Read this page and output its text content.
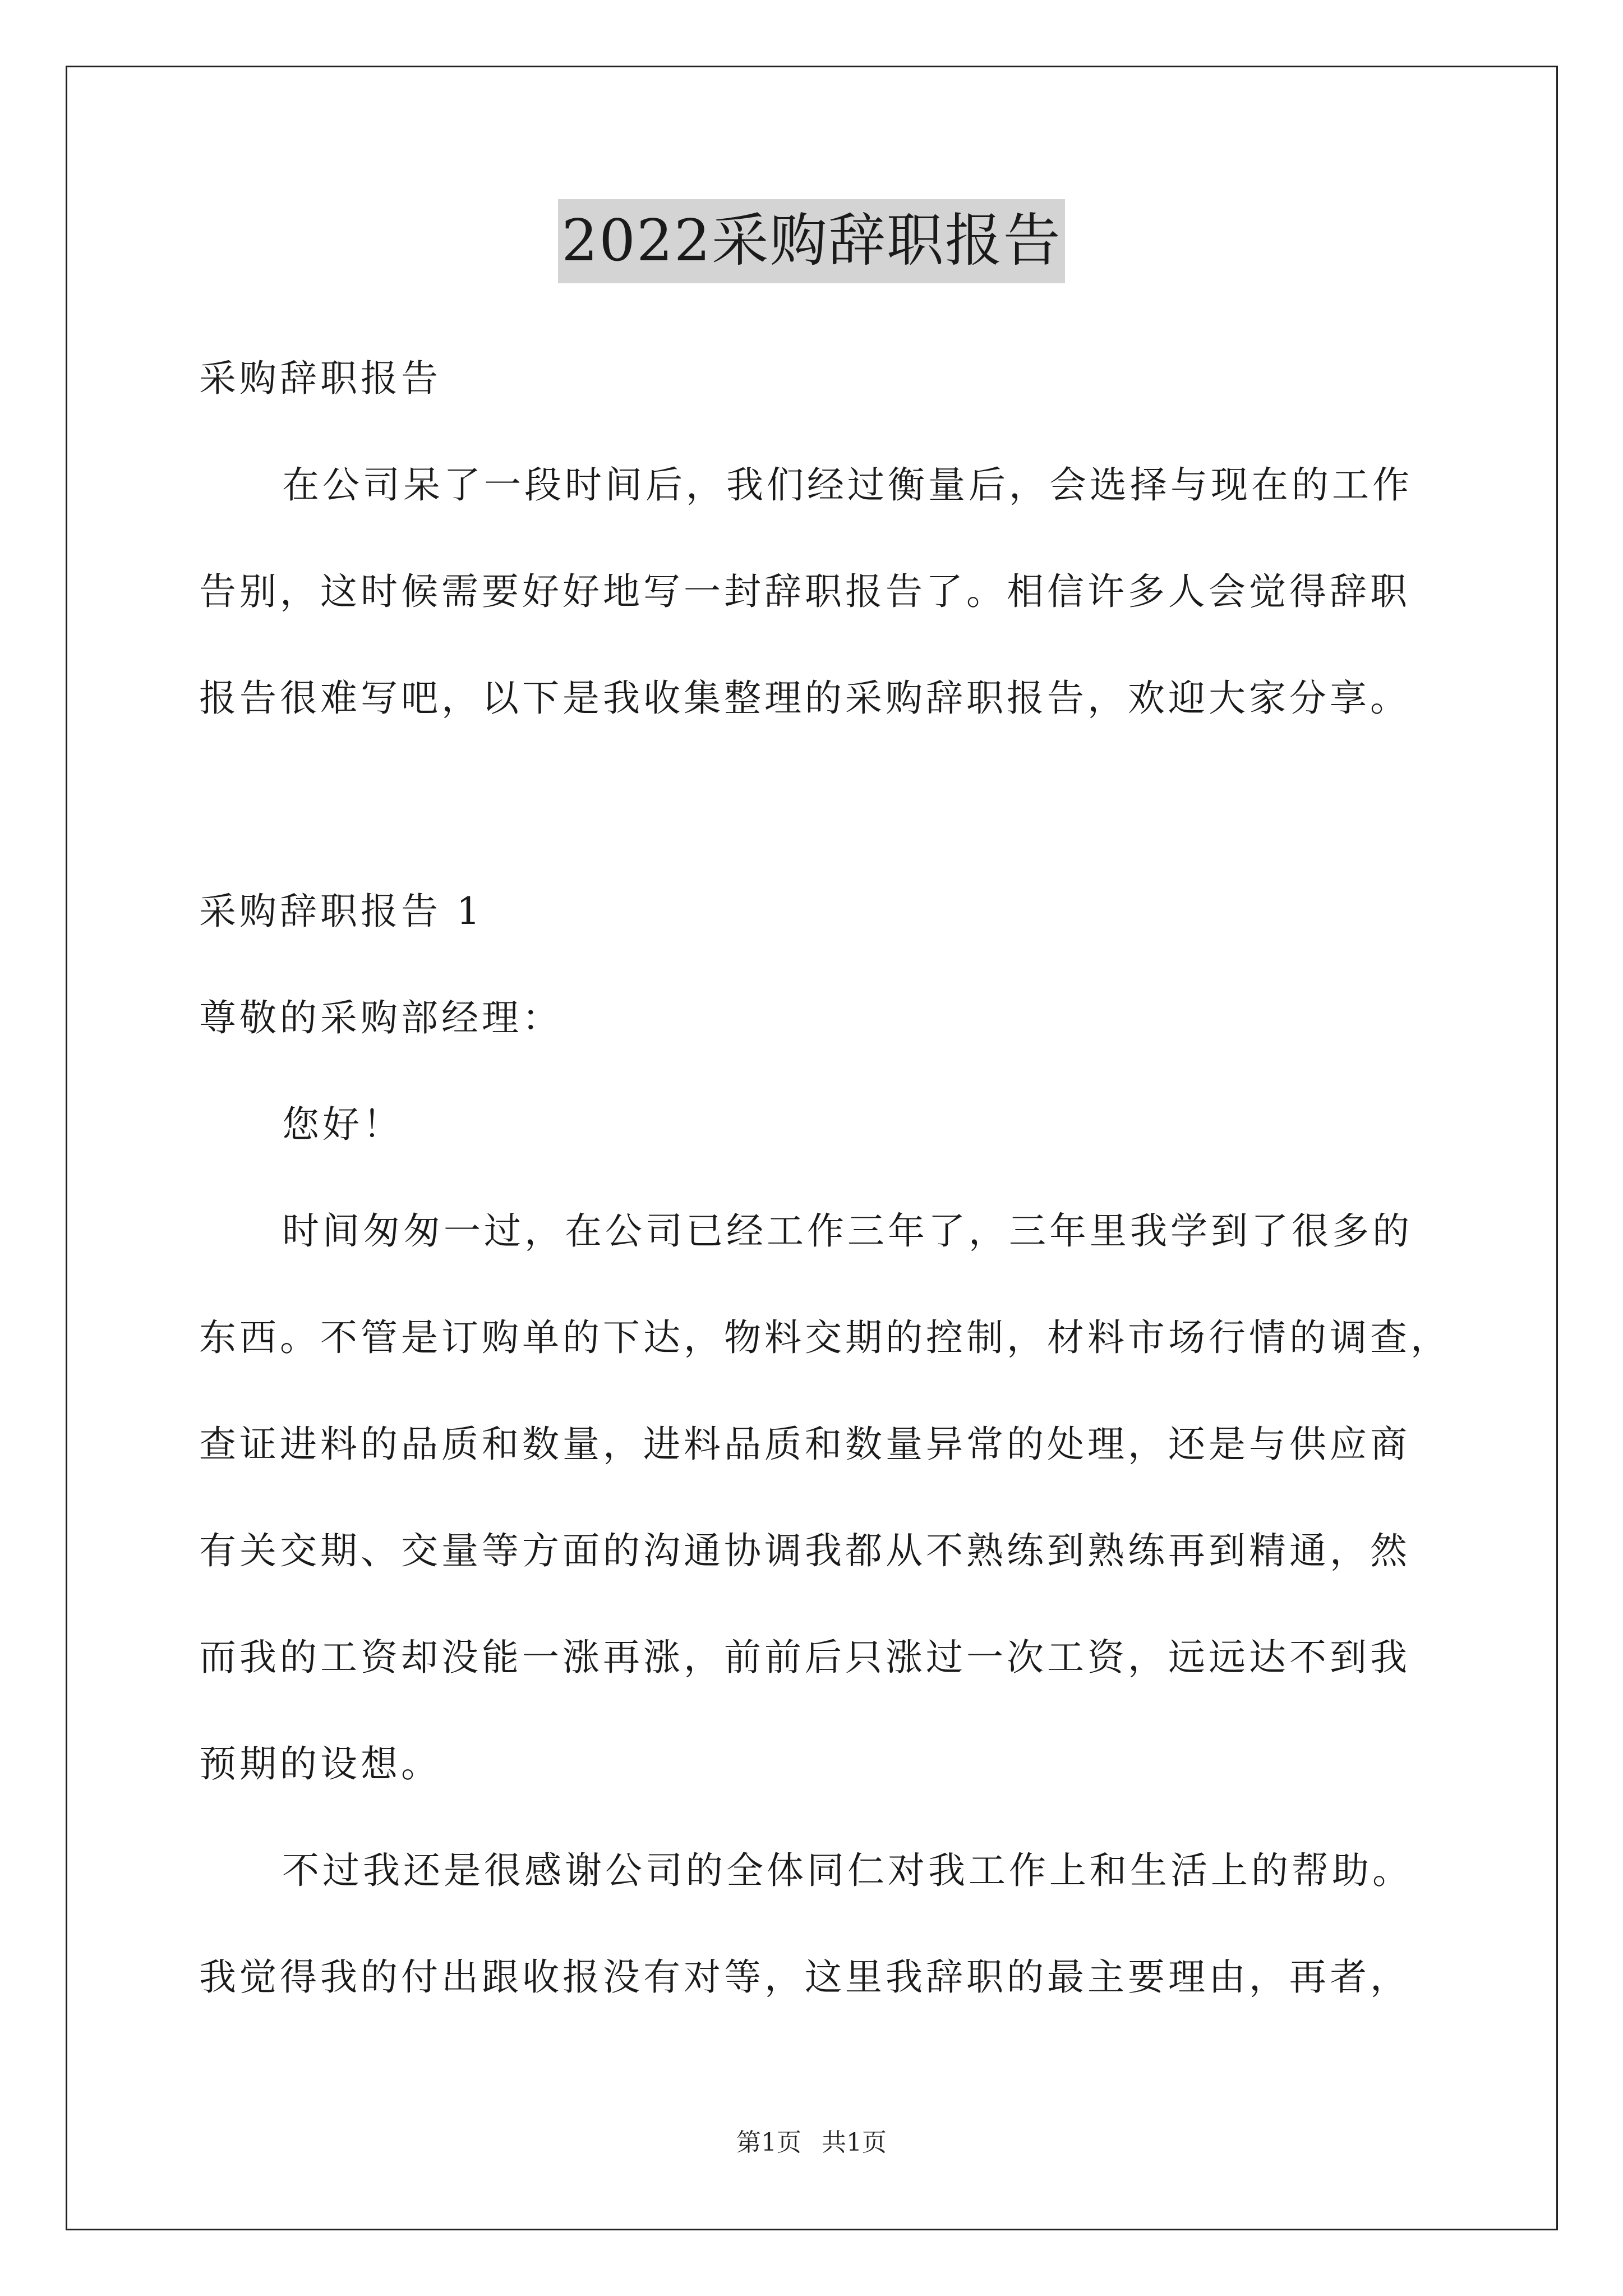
2022采购辞职报告
采购辞职报告
在公司呆了一段时间后，我们经过衡量后，会选择与现在的工作
告别，这时候需要好好地写一封辞职报告了。相信许多人会觉得辞职
报告很难写吧，以下是我收集整理的采购辞职报告，欢迎大家分享。
采购辞职报告 1
尊敬的采购部经理：
您好！
时间匆匆一过，在公司已经工作三年了，三年里我学到了很多的
东西。不管是订购单的下达，物料交期的控制，材料市场行情的调查，
查证进料的品质和数量，进料品质和数量异常的处理，还是与供应商
有关交期、交量等方面的沟通协调我都从不熟练到熟练再到精通，然
而我的工资却没能一涨再涨，前前后只涨过一次工资，远远达不到我
预期的设想。
不过我还是很感谢公司的全体同仁对我工作上和生活上的帮助。
我觉得我的付出跟收报没有对等，这里我辞职的最主要理由，再者，
第1页 共1页
